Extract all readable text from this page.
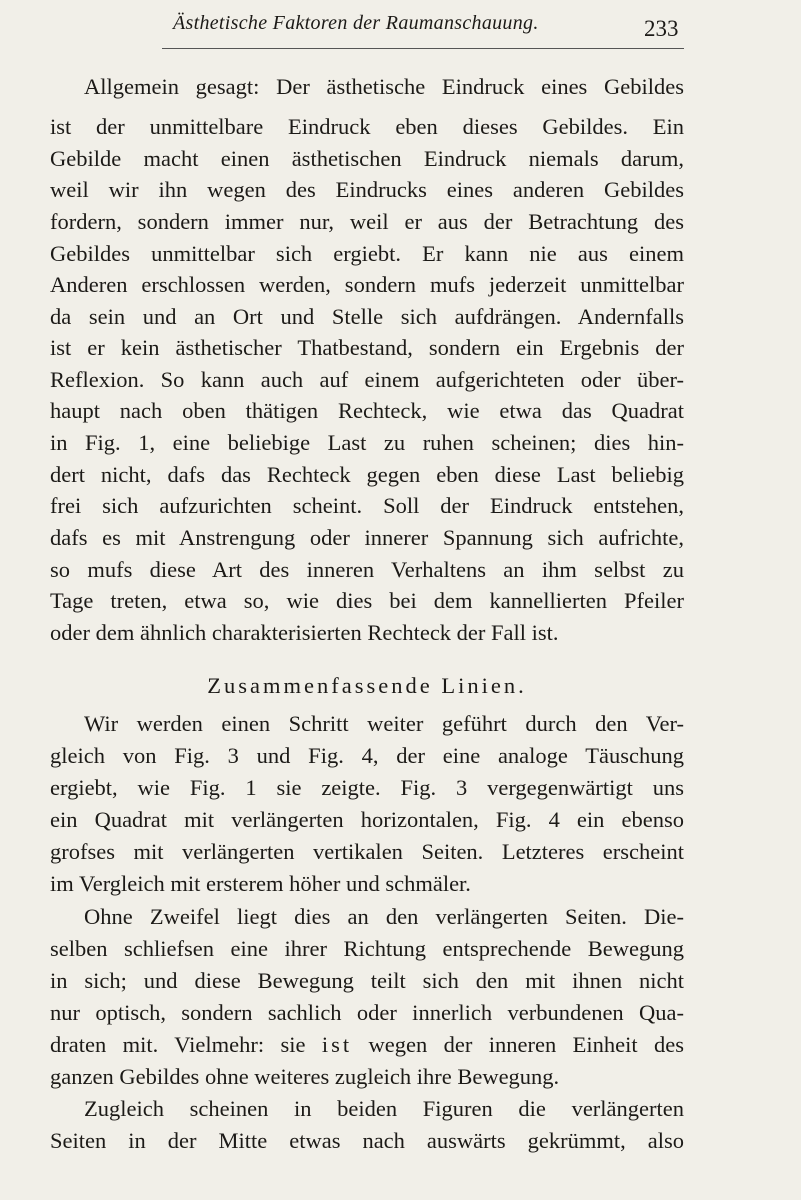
Ästhetische Faktoren der Raumanschauung.	233
Allgemein gesagt: Der ästhetische Eindruck eines Gebildes
ist der unmittelbare Eindruck eben dieses Gebildes. Ein
Gebilde macht einen ästhetischen Eindruck niemals darum,
weil wir ihn wegen des Eindrucks eines anderen Gebildes
fordern, sondern immer nur, weil er aus der Betrachtung des
Gebildes unmittelbar sich ergiebt. Er kann nie aus einem
Anderen erschlossen werden, sondern mufs jederzeit unmittelbar
da sein und an Ort und Stelle sich aufdrängen. Andernfalls
ist er kein ästhetischer Thatbestand, sondern ein Ergebnis der
Reflexion. So kann auch auf einem aufgerichteten oder über-
haupt nach oben thätigen Rechteck, wie etwa das Quadrat
in Fig. 1, eine beliebige Last zu ruhen scheinen; dies hin-
dert nicht, dafs das Rechteck gegen eben diese Last beliebig
frei sich aufzurichten scheint. Soll der Eindruck entstehen,
dafs es mit Anstrengung oder innerer Spannung sich aufrichte,
so mufs diese Art des inneren Verhaltens an ihm selbst zu
Tage treten, etwa so, wie dies bei dem kannellierten Pfeiler
oder dem ähnlich charakterisierten Rechteck der Fall ist.
Zusammenfassende Linien.
Wir werden einen Schritt weiter geführt durch den Ver-
gleich von Fig. 3 und Fig. 4, der eine analoge Täuschung
ergiebt, wie Fig. 1 sie zeigte. Fig. 3 vergegenwärtigt uns
ein Quadrat mit verlängerten horizontalen, Fig. 4 ein ebenso
grofses mit verlängerten vertikalen Seiten. Letzteres erscheint
im Vergleich mit ersterem höher und schmäler.
Ohne Zweifel liegt dies an den verlängerten Seiten. Die-
selben schliefsen eine ihrer Richtung entsprechende Bewegung
in sich; und diese Bewegung teilt sich den mit ihnen nicht
nur optisch, sondern sachlich oder innerlich verbundenen Qua-
draten mit. Vielmehr: sie ist wegen der inneren Einheit des
ganzen Gebildes ohne weiteres zugleich ihre Bewegung.
Zugleich scheinen in beiden Figuren die verlängerten
Seiten in der Mitte etwas nach auswärts gekrümmt, also
